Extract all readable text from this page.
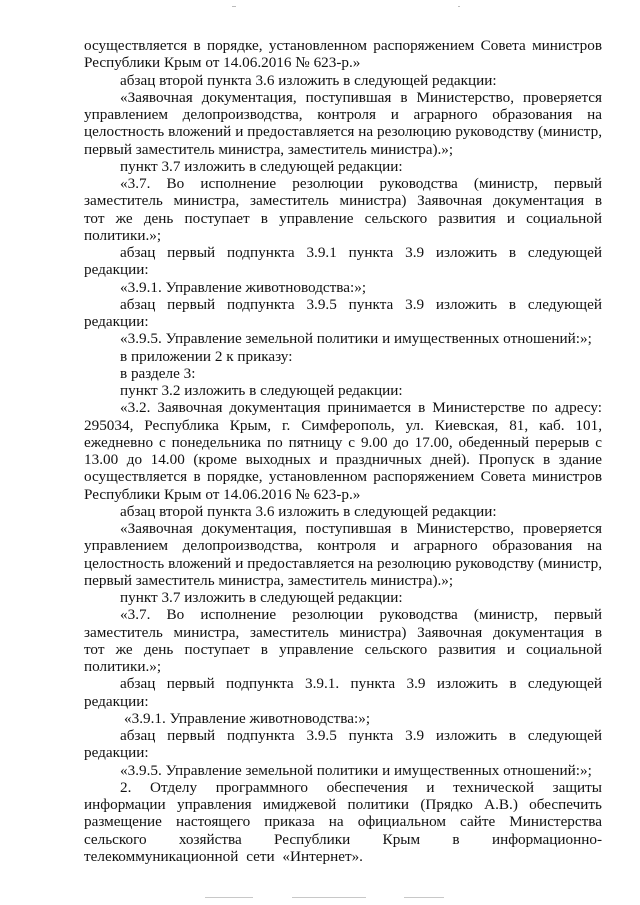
осуществляется в порядке, установленном распоряжением Совета министров Республики Крым от 14.06.2016 № 623-р.»

абзац второй пункта 3.6 изложить в следующей редакции:

«Заявочная документация, поступившая в Министерство, проверяется управлением делопроизводства, контроля и аграрного образования на целостность вложений и предоставляется на резолюцию руководству (министр, первый заместитель министра, заместитель министра).»;

пункт 3.7 изложить в следующей редакции:

«3.7. Во исполнение резолюции руководства (министр, первый заместитель министра, заместитель министра) Заявочная документация в тот же день поступает в управление сельского развития и социальной политики.»;

абзац первый подпункта 3.9.1 пункта 3.9 изложить в следующей редакции:

«3.9.1. Управление животноводства:»;

абзац первый подпункта 3.9.5 пункта 3.9 изложить в следующей редакции:

«3.9.5. Управление земельной политики и имущественных отношений:»;

в приложении 2 к приказу:

в разделе 3:

пункт 3.2 изложить в следующей редакции:

«3.2. Заявочная документация принимается в Министерстве по адресу: 295034, Республика Крым, г. Симферополь, ул. Киевская, 81, каб. 101, ежедневно с понедельника по пятницу с 9.00 до 17.00, обеденный перерыв с 13.00 до 14.00 (кроме выходных и праздничных дней). Пропуск в здание осуществляется в порядке, установленном распоряжением Совета министров Республики Крым от 14.06.2016 № 623-р.»

абзац второй пункта 3.6 изложить в следующей редакции:

«Заявочная документация, поступившая в Министерство, проверяется управлением делопроизводства, контроля и аграрного образования на целостность вложений и предоставляется на резолюцию руководству (министр, первый заместитель министра, заместитель министра).»;

пункт 3.7 изложить в следующей редакции:

«3.7. Во исполнение резолюции руководства (министр, первый заместитель министра, заместитель министра) Заявочная документация в тот же день поступает в управление сельского развития и социальной политики.»;

абзац первый подпункта 3.9.1. пункта 3.9 изложить в следующей редакции:

«3.9.1. Управление животноводства:»;

абзац первый подпункта 3.9.5 пункта 3.9 изложить в следующей редакции:

«3.9.5. Управление земельной политики и имущественных отношений:»;

2. Отделу программного обеспечения и технической защиты информации управления имиджевой политики (Прядко А.В.) обеспечить размещение настоящего приказа на официальном сайте Министерства сельского хозяйства Республики Крым в информационно-телекоммуникационной сети «Интернет».
